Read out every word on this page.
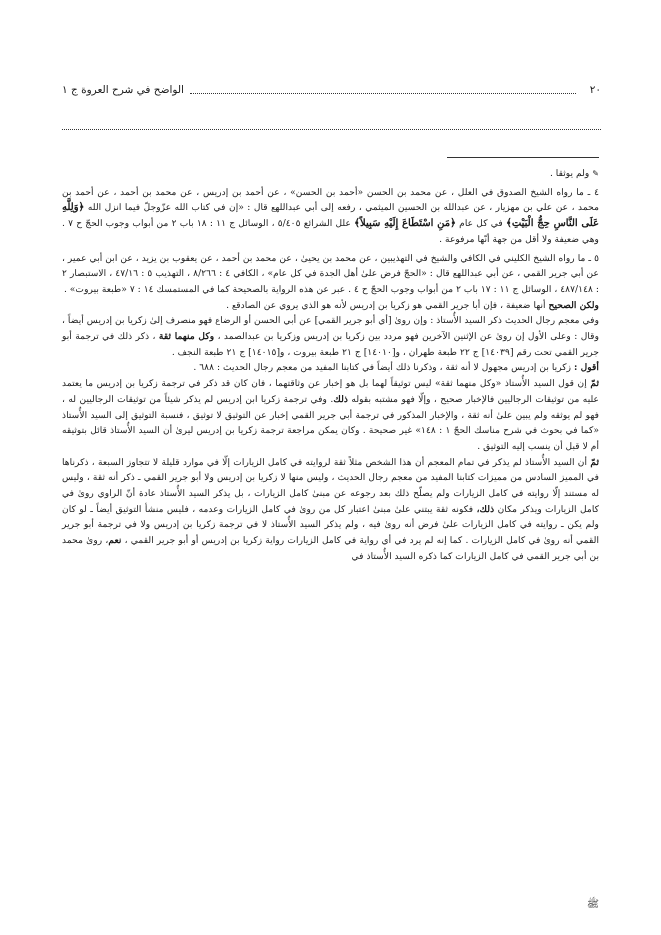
٢٠
الواضح في شرح العروة ج ١

✎ ولم يوثقا .

٤ ـ ما رواه الشيخ الصدوق في العلل ، عن محمد بن الحسن «أحمد بن الحسن» ، عن أحمد بن إدريس ، عن محمد بن أحمد ، عن أحمد بن محمد ، عن علي بن مهزيار ، عن عبدالله بن الحسين الميثمي ، رفعه إلى أبي عبداللهع قال : «إن في كتاب الله عزّوجلّ فيما انزل الله ﴿وَلِلَّهِ عَلَى النَّاسِ حِجُّ الْبَيْتِ﴾ في كل عام ﴿مَنِ اسْتَطَاعَ إِلَيْهِ سَبِيلاً﴾ علل الشرائع ٥/٤٠٥ ، الوسائل ج ١١ : ١٨ باب ٢ من أبواب وجوب الحجّ ح ٧ . وهي ضعيفة ولا أقل من جهة أنّها مرفوعة .

٥ ـ ما رواه الشيخ الكليني في الكافي والشيخ في التهذيبين ، عن محمد بن يحيىٰ ، عن محمد بن أحمد ، عن يعقوب بن يزيد ، عن ابن أبي عمير ، عن أبي جرير القمي ، عن أبي عبداللهع قال : «الحجّ فرض علىٰ أهل الجدة في كل عام» ، الكافي ٤ : ٨/٢٦٦ ، التهذيب ٥ : ٤٧/١٦ ، الاستبصار ٢ : ٤٨٧/١٤٨ ، الوسائل ج ١١ : ١٧ باب ٢ من أبواب وجوب الحجّ ح ٤ . عبر عن هذه الرواية بالصحيحة كما في المستمسك ١٤ : ٧ «طبعة بيروت» .

ولكن الصحيح أنها ضعيفة ، فإن أبا جرير القمي هو زكريا بن إدريس لأنه هو الذي يروي عن الصادقع .

وفي معجم رجال الحديث ذكر السيد الأُستاذ : وإن روىٰ [أي أبو جرير القمي] عن أبي الحسن أو الرضاع فهو منصرف إلىٰ زكريا بن إدريس أيضاً ، وقال : وعلى الأول إن روىٰ عن الإثنين الآخرين فهو مردد بين زكريا بن إدريس وزكريا بن عبدالصمد ، وكل منهما ثقة ، ذكر ذلك في ترجمة أبو جرير القمي تحت رقم [١٤٠٣٩] ج ٢٢ طبعة طهران ، و[١٤٠١٠] ج ٢١ طبعة بيروت ، و[١٤٠١٥] ج ٢١ طبعة النجف .

أقول : زكريا بن إدريس مجهول لا أنه ثقة ، وذكرنا ذلك أيضاً في كتابنا المفيد من معجم رجال الحديث : ٦٨٨ .

ثمّ إن قول السيد الأُستاذ «وكل منهما ثقة» ليس توثيقاً لهما بل هو إخبار عن وثاقتهما ، فان كان قد ذكر في ترجمة زكريا بن إدريس ما يعتمد عليه من توثيقات الرجاليين فالإخبار صحيح ، وإلّا فهو مشتبه بقوله ذلك. وفي ترجمة زكريا ابن إدريس لم يذكر شيئاً من توثيقات الرجاليين له ، فهو لم يوثقه ولم يبين علىٰ أنه ثقة ، والإخبار المذكور في ترجمة أبي جرير القمي إخبار عن التوثيق لا توثيق ، فنسبة التوثيق إلى السيد الأُستاذ «كما في بحوث في شرح مناسك الحجّ ١ : ١٤٨» غير صحيحة . وكان يمكن مراجعة ترجمة زكريا بن إدريس ليرىٰ أن السيد الأُستاذ قائل بتوثيقه أم لا قبل أن ينسب إليه التوثيق .

ثمّ أن السيد الأُستاذ لم يذكر في تمام المعجم أن هذا الشخص مثلاً ثقة لروايته في كامل الزيارات إلّا في موارد قليلة لا تتجاوز السبعة ، ذكرناها في المميز السادس من مميزات كتابنا المفيد من معجم رجال الحديث ، وليس منها لا زكريا بن إدريس ولا أبو جرير القمي ـ ذكر أنه ثقة ، وليس له مستند إلّا روايته في كامل الزيارات ولم يصلّح ذلك بعد رجوعه عن مبنىٰ كامل الزيارات ، بل يذكر السيد الأُستاذ عادة أنّ الراوي روىٰ في كامل الزيارات ويذكر مكان ذلك، فكونه ثقة يبتني علىٰ مبنىٰ اعتبار كل من روىٰ في كامل الزيارات وعدمه ، فليس منشأ التوثيق أيضاً ـ لو كان ولم يكن ـ روايته في كامل الزيارات علىٰ فرض أنه روىٰ فيه ، ولم يذكر السيد الأُستاذ لا في ترجمة زكريا بن إدريس ولا في ترجمة أبو جرير القمي أنه روىٰ في كامل الزيارات . كما إنه لم يرد في أي رواية في كامل الزيارات رواية زكريا بن إدريس أو أبو جرير القمي ، نعم، روىٰ محمد بن أبي جرير القمي في كامل الزيارات كما ذكره السيد الأُستاذ في

ﷺ
